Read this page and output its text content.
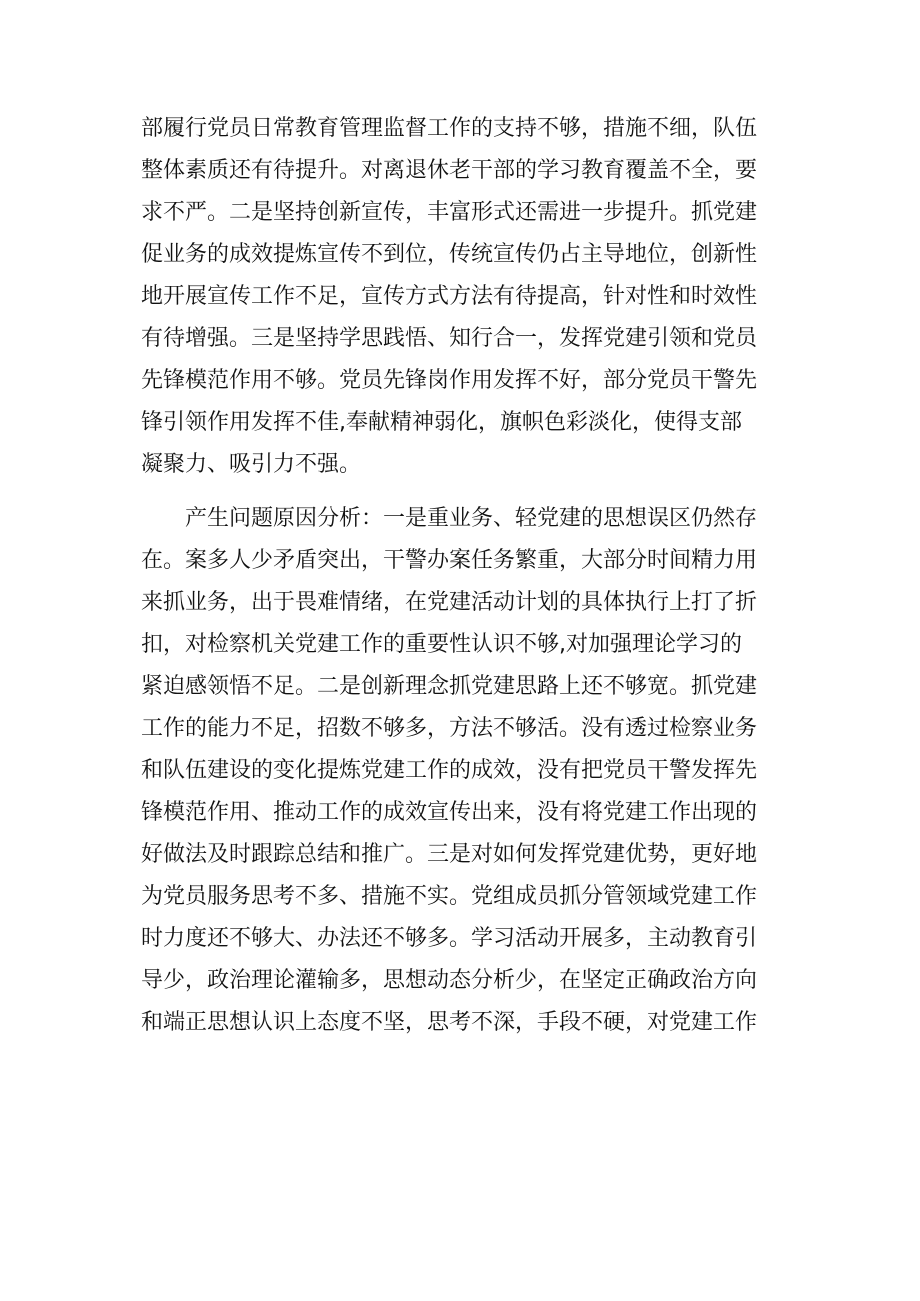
部履行党员日常教育管理监督工作的支持不够，措施不细，队伍
整体素质还有待提升。对离退休老干部的学习教育覆盖不全，要
求不严。二是坚持创新宣传，丰富形式还需进一步提升。抓党建
促业务的成效提炼宣传不到位，传统宣传仍占主导地位，创新性
地开展宣传工作不足，宣传方式方法有待提高，针对性和时效性
有待增强。三是坚持学思践悟、知行合一，发挥党建引领和党员
先锋模范作用不够。党员先锋岗作用发挥不好，部分党员干警先
锋引领作用发挥不佳,奉献精神弱化，旗帜色彩淡化，使得支部
凝聚力、吸引力不强。
产生问题原因分析：一是重业务、轻党建的思想误区仍然存
在。案多人少矛盾突出，干警办案任务繁重，大部分时间精力用
来抓业务，出于畏难情绪，在党建活动计划的具体执行上打了折
扣，对检察机关党建工作的重要性认识不够,对加强理论学习的
紧迫感领悟不足。二是创新理念抓党建思路上还不够宽。抓党建
工作的能力不足，招数不够多，方法不够活。没有透过检察业务
和队伍建设的变化提炼党建工作的成效，没有把党员干警发挥先
锋模范作用、推动工作的成效宣传出来，没有将党建工作出现的
好做法及时跟踪总结和推广。三是对如何发挥党建优势，更好地
为党员服务思考不多、措施不实。党组成员抓分管领域党建工作
时力度还不够大、办法还不够多。学习活动开展多，主动教育引
导少，政治理论灌输多，思想动态分析少，在坚定正确政治方向
和端正思想认识上态度不坚，思考不深，手段不硬，对党建工作
